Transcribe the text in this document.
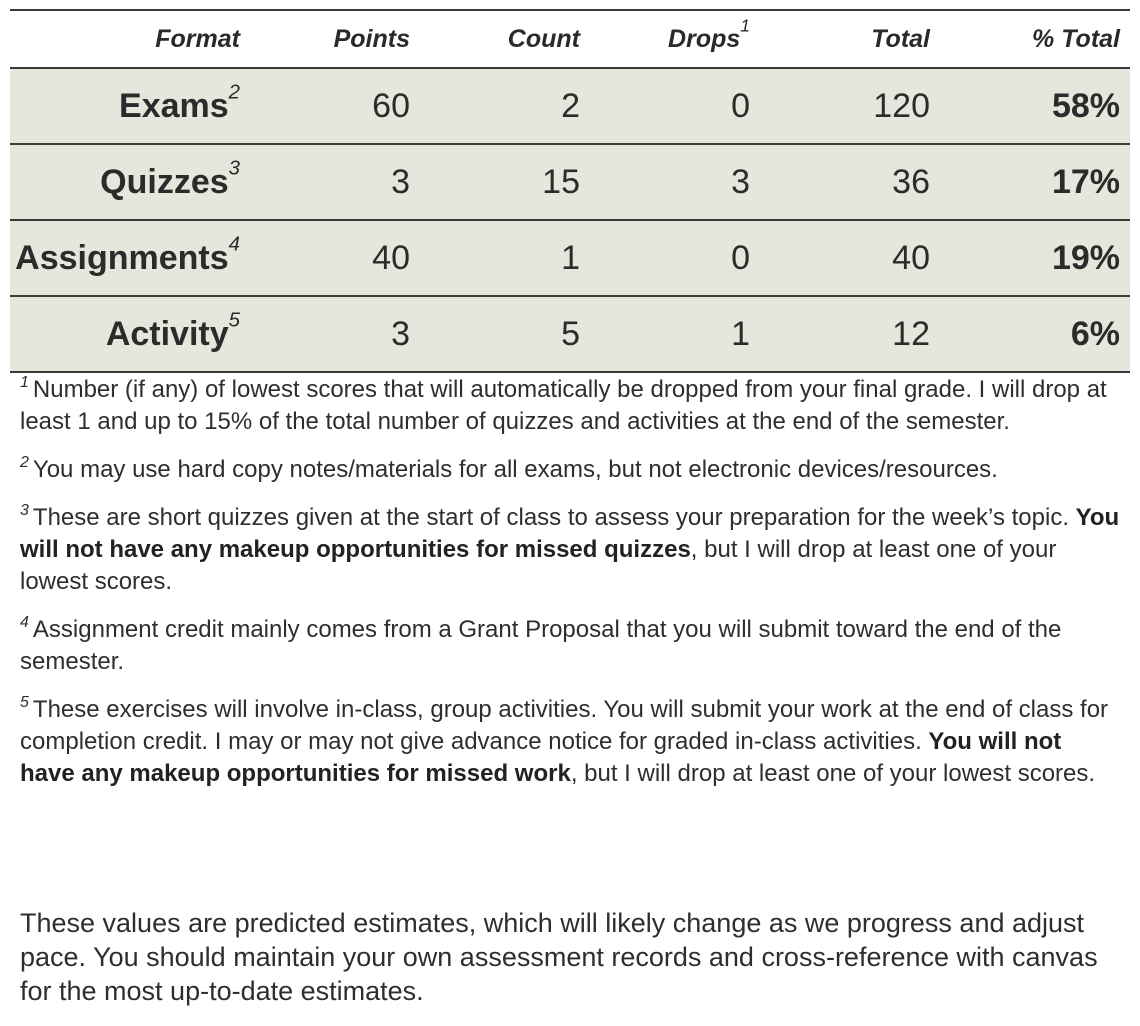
Format	Points	Count	Drops$^1$	Total	% Total
Exams$^2$	60	2	0	120	58%
Quizzes$^3$	3	15	3	36	17%
Assignments$^4$	40	1	0	40	19%
Activity$^5$	3	5	1	12	6%

$^1$ Number (if any) of lowest scores that will automatically be dropped from your final grade. I will drop at least 1 and up to 15% of the total number of quizzes and activities at the end of the semester.

$^2$ You may use hard copy notes/materials for all exams, but not electronic devices/resources.

$^3$ These are short quizzes given at the start of class to assess your preparation for the week’s topic. You will not have any makeup opportunities for missed quizzes, but I will drop at least one of your lowest scores.

$^4$ Assignment credit mainly comes from a Grant Proposal that you will submit toward the end of the semester.

$^5$ These exercises will involve in-class, group activities. You will submit your work at the end of class for completion credit. I may or may not give advance notice for graded in-class activities. You will not have any makeup opportunities for missed work, but I will drop at least one of your lowest scores.

These values are predicted estimates, which will likely change as we progress and adjust pace. You should maintain your own assessment records and cross-reference with canvas for the most up-to-date estimates.
